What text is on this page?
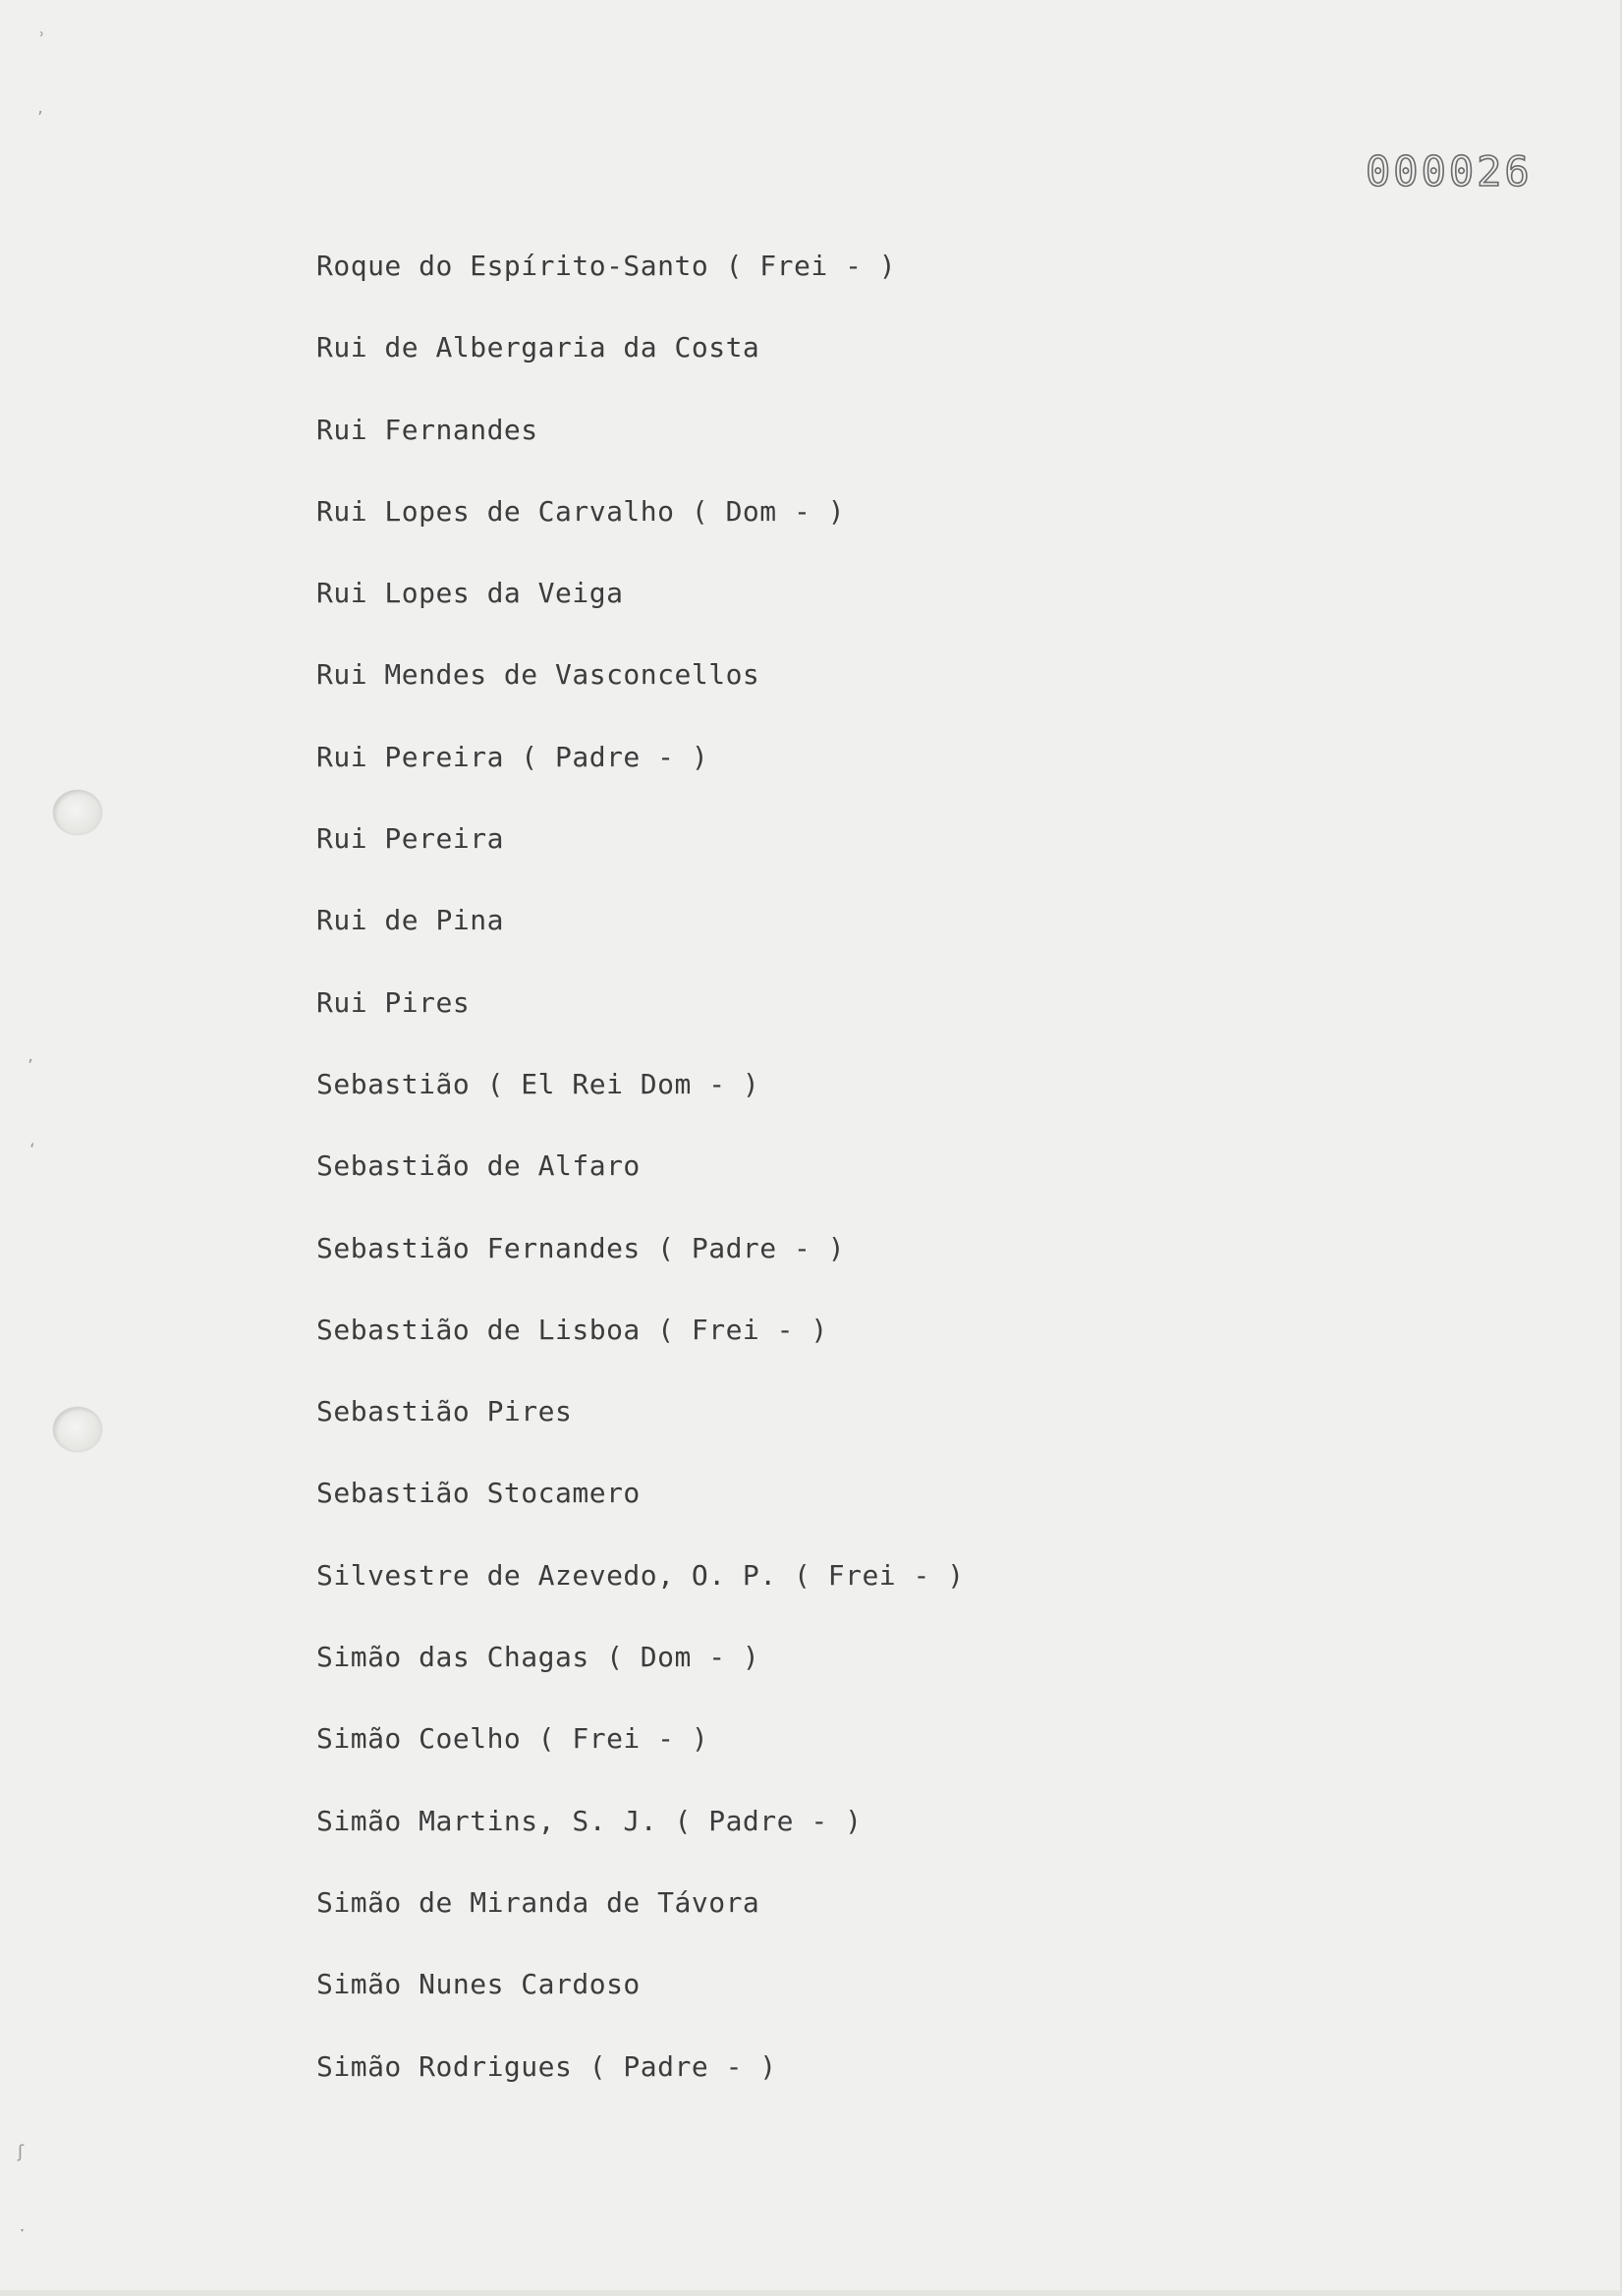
000026
Roque do Espírito-Santo ( Frei - )
Rui de Albergaria da Costa
Rui Fernandes
Rui Lopes de Carvalho ( Dom - )
Rui Lopes da Veiga
Rui Mendes de Vasconcellos
Rui Pereira ( Padre - )
Rui Pereira
Rui de Pina
Rui Pires
Sebastião ( El Rei Dom - )
Sebastião de Alfaro
Sebastião Fernandes ( Padre - )
Sebastião de Lisboa ( Frei - )
Sebastião Pires
Sebastião Stocamero
Silvestre de Azevedo, O. P. ( Frei - )
Simão das Chagas ( Dom - )
Simão Coelho ( Frei - )
Simão Martins, S. J. ( Padre - )
Simão de Miranda de Távora
Simão Nunes Cardoso
Simão Rodrigues ( Padre - )
ʾ
ʼ
ʼ
ʻ
ʃ
ˑ
